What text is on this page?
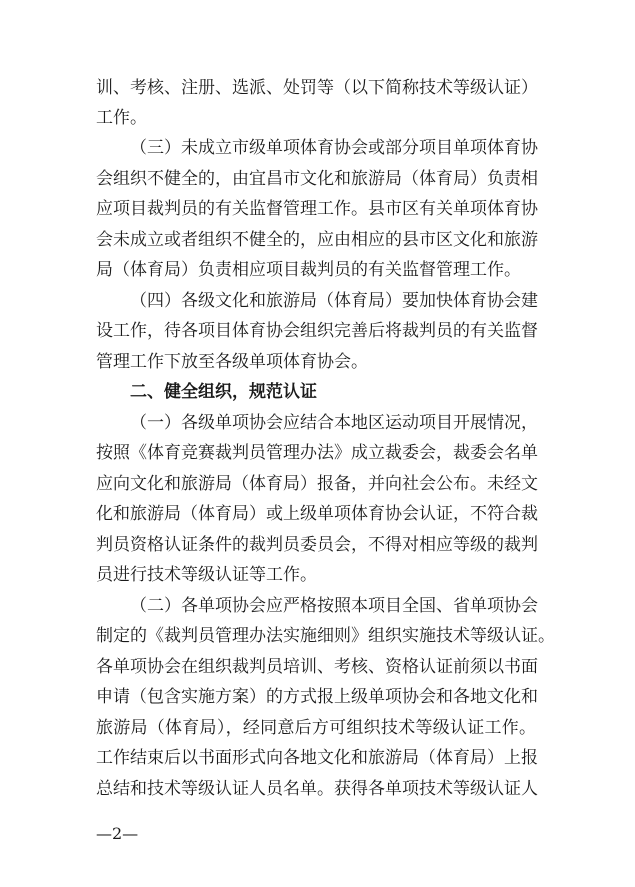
训、考核、注册、选派、处罚等（以下简称技术等级认证）
工作。
（三）未成立市级单项体育协会或部分项目单项体育协
会组织不健全的，由宜昌市文化和旅游局（体育局）负责相
应项目裁判员的有关监督管理工作。县市区有关单项体育协
会未成立或者组织不健全的，应由相应的县市区文化和旅游
局（体育局）负责相应项目裁判员的有关监督管理工作。
（四）各级文化和旅游局（体育局）要加快体育协会建
设工作，待各项目体育协会组织完善后将裁判员的有关监督
管理工作下放至各级单项体育协会。
二、健全组织，规范认证
（一）各级单项协会应结合本地区运动项目开展情况，
按照《体育竞赛裁判员管理办法》成立裁委会，裁委会名单
应向文化和旅游局（体育局）报备，并向社会公布。未经文
化和旅游局（体育局）或上级单项体育协会认证，不符合裁
判员资格认证条件的裁判员委员会，不得对相应等级的裁判
员进行技术等级认证等工作。
（二）各单项协会应严格按照本项目全国、省单项协会
制定的《裁判员管理办法实施细则》组织实施技术等级认证。
各单项协会在组织裁判员培训、考核、资格认证前须以书面
申请（包含实施方案）的方式报上级单项协会和各地文化和
旅游局（体育局），经同意后方可组织技术等级认证工作。
工作结束后以书面形式向各地文化和旅游局（体育局）上报
总结和技术等级认证人员名单。获得各单项技术等级认证人
—2—
